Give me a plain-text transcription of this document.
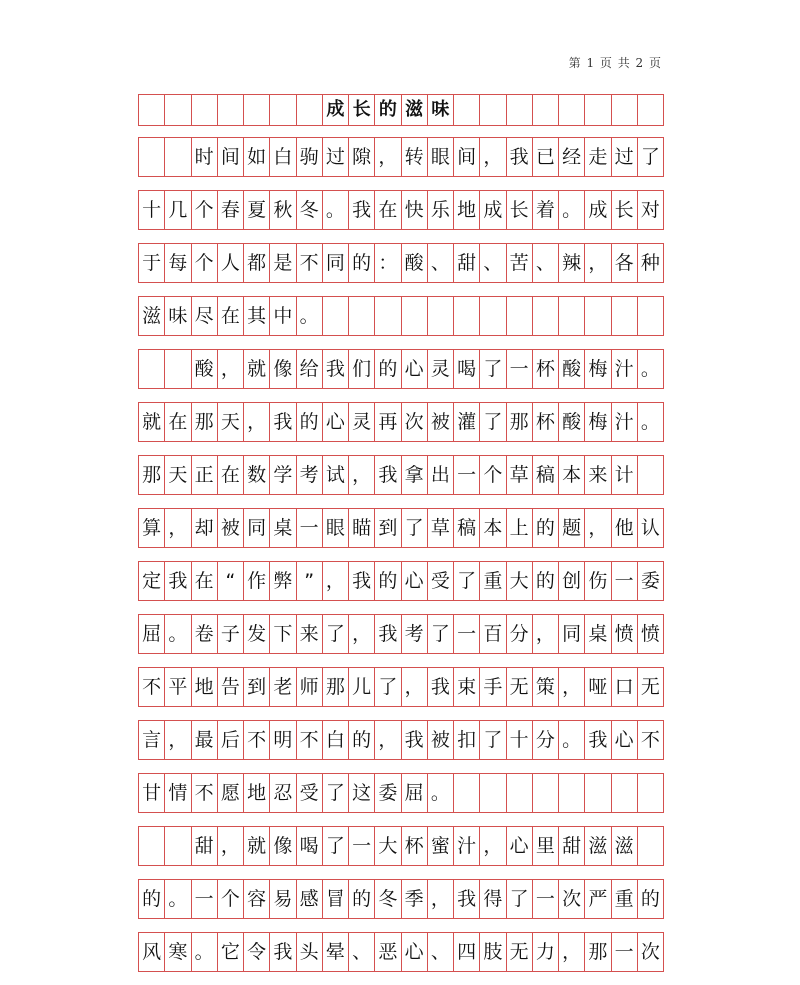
第 1 页 共 2 页
成 长 的 滋 味
时 间 如 白 驹 过 隙 ， 转 眼 间 ， 我 已 经 走 过 了
十 几 个 春 夏 秋 冬 。 我 在 快 乐 地 成 长 着 。 成 长 对
于 每 个 人 都 是 不 同 的 ： 酸 、 甜 、 苦 、 辣 ， 各 种
滋 味 尽 在 其 中 。
酸 ， 就 像 给 我 们 的 心 灵 喝 了 一 杯 酸 梅 汁 。
就 在 那 天 ， 我 的 心 灵 再 次 被 灌 了 那 杯 酸 梅 汁 。
那 天 正 在 数 学 考 试 ， 我 拿 出 一 个 草 稿 本 来 计
算 ， 却 被 同 桌 一 眼 瞄 到 了 草 稿 本 上 的 题 ， 他 认
定 我 在 “ 作 弊 ” ， 我 的 心 受 了 重 大 的 创 伤 一 委
屈 。 卷 子 发 下 来 了 ， 我 考 了 一 百 分 ， 同 桌 愤 愤
不 平 地 告 到 老 师 那 儿 了 ， 我 束 手 无 策 ， 哑 口 无
言 ， 最 后 不 明 不 白 的 ， 我 被 扣 了 十 分 。 我 心 不
甘 情 不 愿 地 忍 受 了 这 委 屈 。
甜 ， 就 像 喝 了 一 大 杯 蜜 汁 ， 心 里 甜 滋 滋
的 。 一 个 容 易 感 冒 的 冬 季 ， 我 得 了 一 次 严 重 的
风 寒 。 它 令 我 头 晕 、 恶 心 、 四 肢 无 力 ， 那 一 次
